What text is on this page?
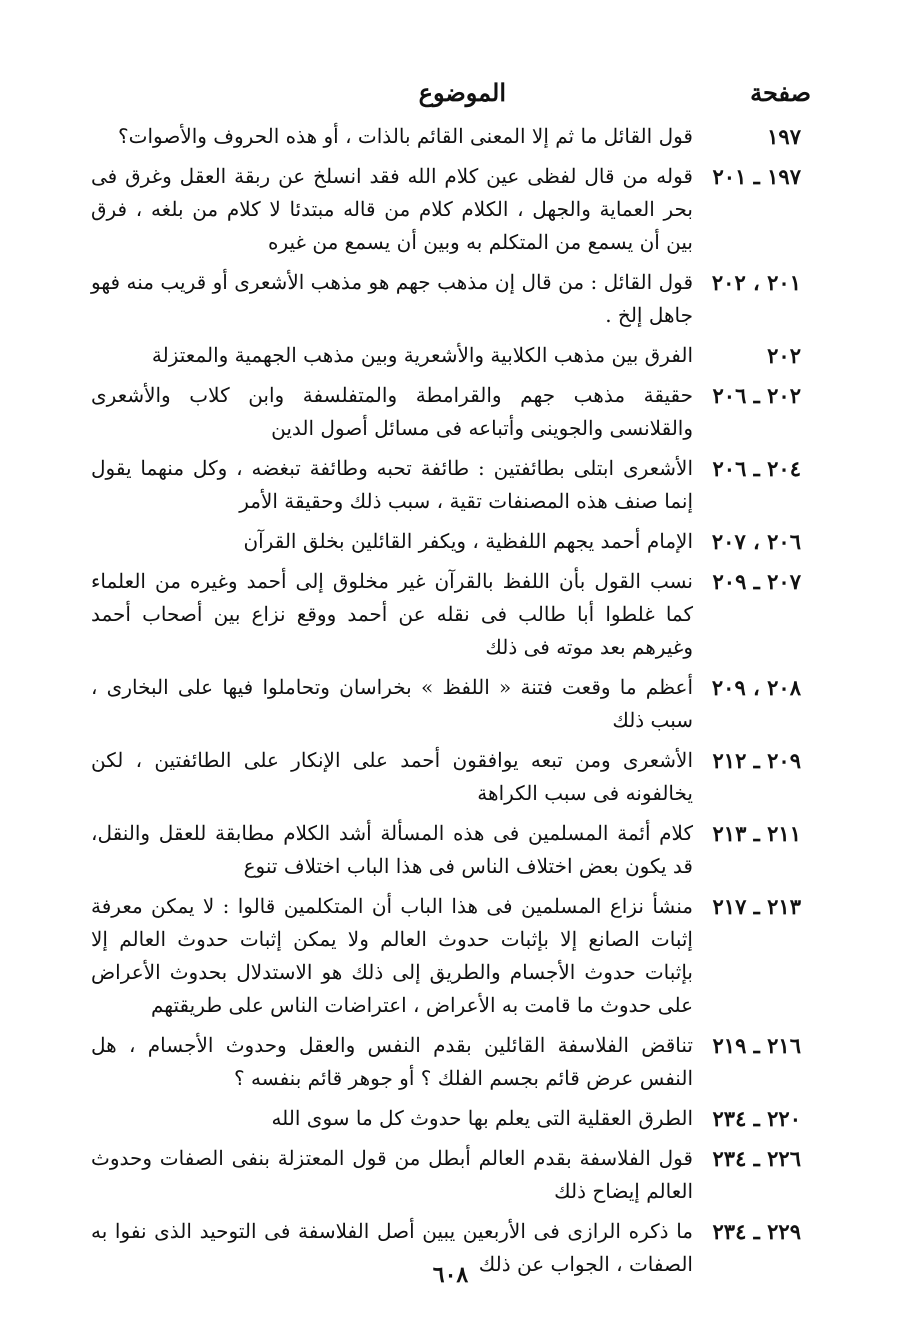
صفحة
الموضوع
١٩٧
قول القائل ما ثم إلا المعنى القائم بالذات ، أو هذه الحروف والأصوات؟
١٩٧ ـ ٢٠١
قوله من قال لفظى عين كلام الله فقد انسلخ عن ربقة العقل وغرق فى بحر العماية والجهل ، الكلام كلام من قاله مبتدئا لا كلام من بلغه ، فرق بين أن يسمع من المتكلم به وبين أن يسمع من غيره
٢٠١ ، ٢٠٢
قول القائل : من قال إن مذهب جهم هو مذهب الأشعرى أو قريب منه فهو جاهل إلخ .
٢٠٢
الفرق بين مذهب الكلابية والأشعرية وبين مذهب الجهمية والمعتزلة
٢٠٢ ـ ٢٠٦
حقيقة مذهب جهم والقرامطة والمتفلسفة وابن كلاب والأشعرى والقلانسى والجوينى وأتباعه فى مسائل أصول الدين
٢٠٤ ـ ٢٠٦
الأشعرى ابتلى بطائفتين : طائفة تحبه وطائفة تبغضه ، وكل منهما يقول إنما صنف هذه المصنفات تقية ، سبب ذلك وحقيقة الأمر
٢٠٦ ، ٢٠٧
الإمام أحمد يجهم اللفظية ، ويكفر القائلين بخلق القرآن
٢٠٧ ـ ٢٠٩
نسب القول بأن اللفظ بالقرآن غير مخلوق إلى أحمد وغيره من العلماء كما غلطوا أبا طالب فى نقله عن أحمد ووقع نزاع بين أصحاب أحمد وغيرهم بعد موته فى ذلك
٢٠٨ ، ٢٠٩
أعظم ما وقعت فتنة « اللفظ » بخراسان وتحاملوا فيها على البخارى ، سبب ذلك
٢٠٩ ـ ٢١٢
الأشعرى ومن تبعه يوافقون أحمد على الإنكار على الطائفتين ، لكن يخالفونه فى سبب الكراهة
٢١١ ـ ٢١٣
كلام أئمة المسلمين فى هذه المسألة أشد الكلام مطابقة للعقل والنقل، قد يكون بعض اختلاف الناس فى هذا الباب اختلاف تنوع
٢١٣ ـ ٢١٧
منشأ نزاع المسلمين فى هذا الباب أن المتكلمين قالوا : لا يمكن معرفة إثبات الصانع إلا بإثبات حدوث العالم ولا يمكن إثبات حدوث العالم إلا بإثبات حدوث الأجسام والطريق إلى ذلك هو الاستدلال بحدوث الأعراض على حدوث ما قامت به الأعراض ، اعتراضات الناس على طريقتهم
٢١٦ ـ ٢١٩
تناقض الفلاسفة القائلين بقدم النفس والعقل وحدوث الأجسام ، هل النفس عرض قائم بجسم الفلك ؟ أو جوهر قائم بنفسه ؟
٢٢٠ ـ ٢٣٤
الطرق العقلية التى يعلم بها حدوث كل ما سوى الله
٢٢٦ ـ ٢٣٤
قول الفلاسفة بقدم العالم أبطل من قول المعتزلة بنفى الصفات وحدوث العالم إيضاح ذلك
٢٢٩ ـ ٢٣٤
ما ذكره الرازى فى الأربعين يبين أصل الفلاسفة فى التوحيد الذى نفوا به الصفات ، الجواب عن ذلك
٦٠٨
